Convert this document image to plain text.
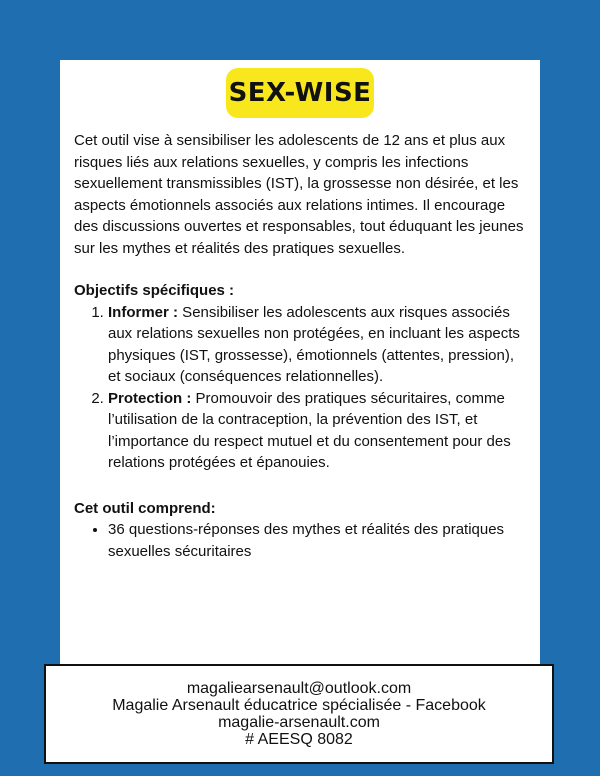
SEX-WISE

Cet outil vise à sensibiliser les adolescents de 12 ans et plus aux risques liés aux relations sexuelles, y compris les infections sexuellement transmissibles (IST), la grossesse non désirée, et les aspects émotionnels associés aux relations intimes. Il encourage des discussions ouvertes et responsables, tout éduquant les jeunes sur les mythes et réalités des pratiques sexuelles.

Objectifs spécifiques :

1. Informer : Sensibiliser les adolescents aux risques associés aux relations sexuelles non protégées, en incluant les aspects physiques (IST, grossesse), émotionnels (attentes, pression), et sociaux (conséquences relationnelles).
2. Protection : Promouvoir des pratiques sécuritaires, comme l’utilisation de la contraception, la prévention des IST, et l’importance du respect mutuel et du consentement pour des relations protégées et épanouies.

Cet outil comprend:

• 36 questions-réponses des mythes et réalités des pratiques sexuelles sécuritaires
magaliearsenault@outlook.com
Magalie Arsenault éducatrice spécialisée - Facebook
magalie-arsenault.com
# AEESQ 8082
